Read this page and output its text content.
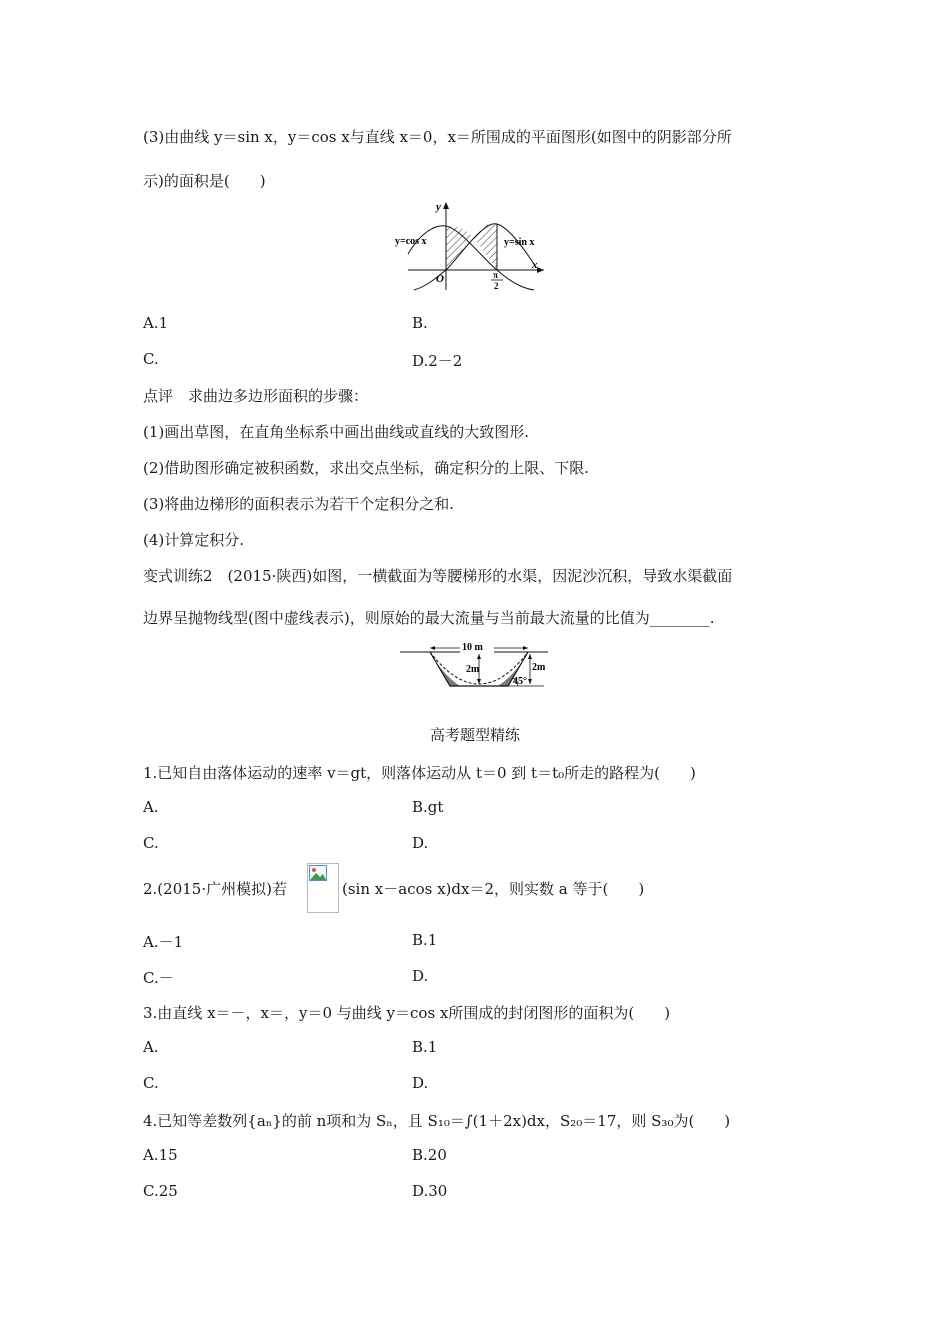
(3)由曲线 y＝sin x，y＝cos x与直线 x＝0，x＝所围成的平面图形(如图中的阴影部分所
示)的面积是(　　)
y
x
O
y=cos x	y=sin x
π
2
A.1	B.
C.	D.2－2
点评　求曲边多边形面积的步骤：
(1)画出草图，在直角坐标系中画出曲线或直线的大致图形.
(2)借助图形确定被积函数，求出交点坐标，确定积分的上限、下限.
(3)将曲边梯形的面积表示为若干个定积分之和.
(4)计算定积分.
变式训练2　(2015·陕西)如图，一横截面为等腰梯形的水渠，因泥沙沉积，导致水渠截面
边界呈抛物线型(图中虚线表示)，则原始的最大流量与当前最大流量的比值为________.
10 m
2m	2m
45°
高考题型精练
1.已知自由落体运动的速率 v＝gt，则落体运动从 t＝0 到 t＝t₀所走的路程为(　　)
A.	B.gt
C.	D.
2.(2015·广州模拟)若	(sin x－acos x)dx＝2，则实数 a 等于(　　)
A.－1	B.1
C.－	D.
3.由直线 x＝－，x＝，y＝0 与曲线 y＝cos x所围成的封闭图形的面积为(　　)
A.	B.1
C.	D.
4.已知等差数列{aₙ}的前 n项和为 Sₙ，且 S₁₀＝∫(1＋2x)dx，S₂₀＝17，则 S₃₀为(　　)
A.15	B.20
C.25	D.30
